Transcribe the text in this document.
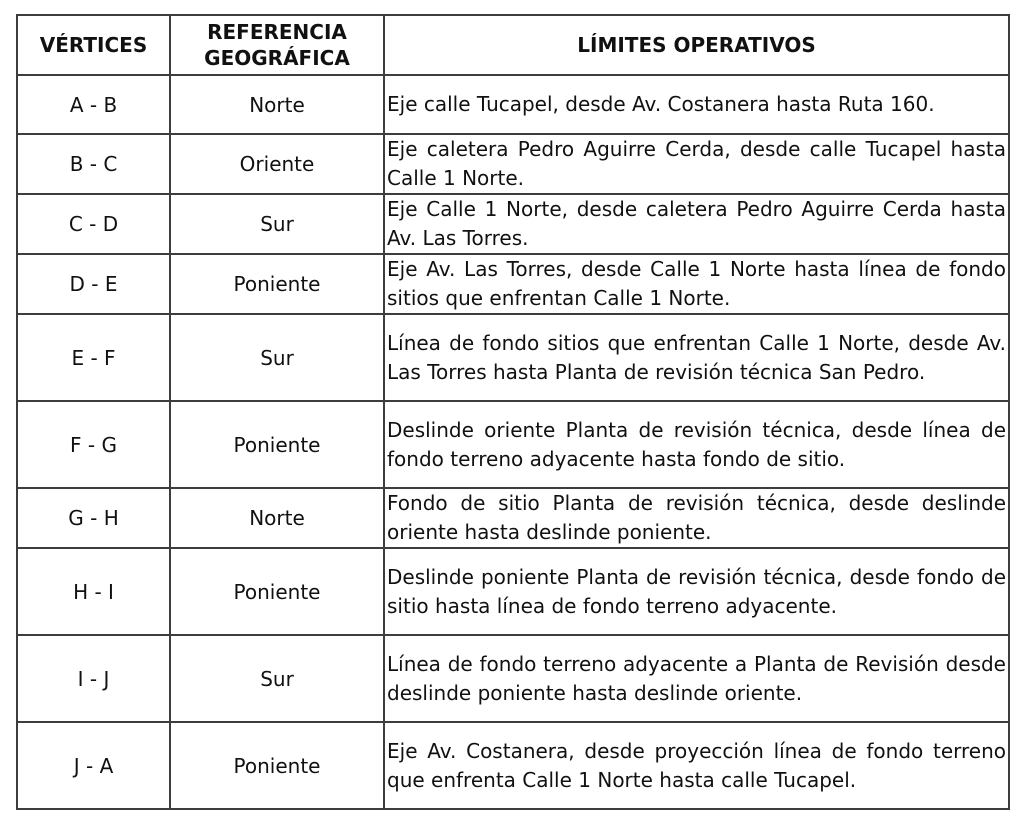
VÉRTICES	REFERENCIA GEOGRÁFICA	LÍMITES OPERATIVOS
A - B	Norte	Eje calle Tucapel, desde Av. Costanera hasta Ruta 160.
B - C	Oriente	Eje caletera Pedro Aguirre Cerda, desde calle Tucapel hasta Calle 1 Norte.
C - D	Sur	Eje Calle 1 Norte, desde caletera Pedro Aguirre Cerda hasta Av. Las Torres.
D - E	Poniente	Eje Av. Las Torres, desde Calle 1 Norte hasta línea de fondo sitios que enfrentan Calle 1 Norte.
E - F	Sur	Línea de fondo sitios que enfrentan Calle 1 Norte, desde Av. Las Torres hasta Planta de revisión técnica San Pedro.
F - G	Poniente	Deslinde oriente Planta de revisión técnica, desde línea de fondo terreno adyacente hasta fondo de sitio.
G - H	Norte	Fondo de sitio Planta de revisión técnica, desde deslinde oriente hasta deslinde poniente.
H - I	Poniente	Deslinde poniente Planta de revisión técnica, desde fondo de sitio hasta línea de fondo terreno adyacente.
I - J	Sur	Línea de fondo terreno adyacente a Planta de Revisión desde deslinde poniente hasta deslinde oriente.
J - A	Poniente	Eje Av. Costanera, desde proyección línea de fondo terreno que enfrenta Calle 1 Norte hasta calle Tucapel.
